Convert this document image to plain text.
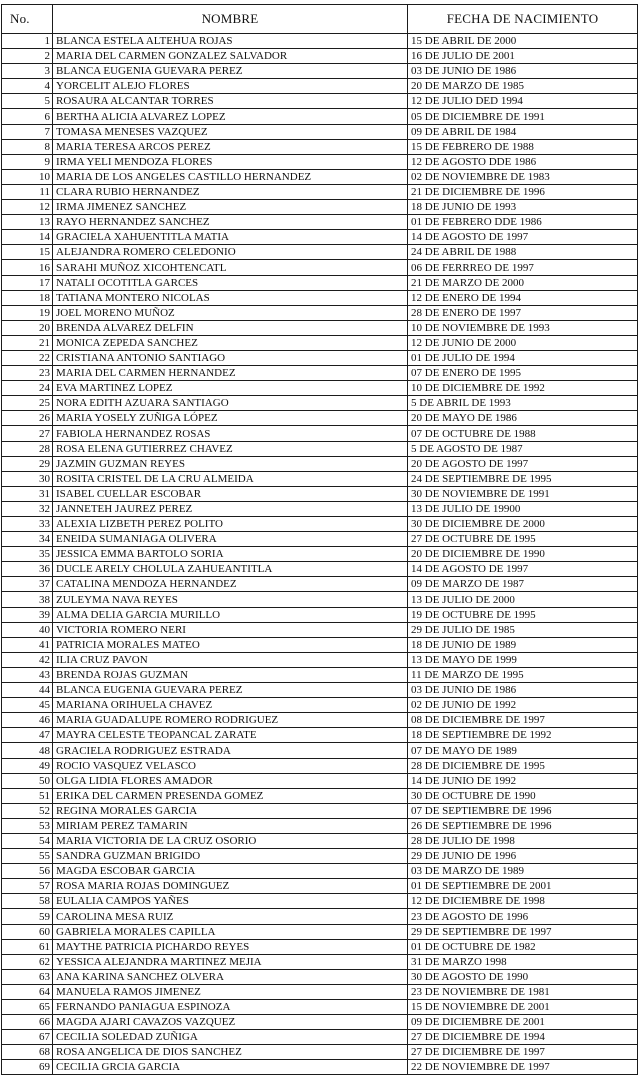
No.	NOMBRE	FECHA DE NACIMIENTO
1	BLANCA ESTELA ALTEHUA ROJAS	15 DE ABRIL DE 2000
2	MARIA DEL CARMEN GONZALEZ SALVADOR	16 DE JULIO DE 2001
3	BLANCA EUGENIA GUEVARA PEREZ	03 DE JUNIO DE 1986
4	YORCELIT ALEJO FLORES	20 DE MARZO DE 1985
5	ROSAURA ALCANTAR TORRES	12 DE JULIO DED 1994
6	BERTHA ALICIA ALVAREZ LOPEZ	05 DE DICIEMBRE DE 1991
7	TOMASA MENESES VAZQUEZ	09 DE ABRIL DE 1984
8	MARIA TERESA ARCOS PEREZ	15 DE FEBRERO DE 1988
9	IRMA YELI MENDOZA FLORES	12 DE AGOSTO DDE 1986
10	MARIA DE LOS ANGELES CASTILLO HERNANDEZ	02 DE NOVIEMBRE DE 1983
11	CLARA RUBIO HERNANDEZ	21 DE DICIEMBRE DE 1996
12	IRMA JIMENEZ SANCHEZ	18 DE JUNIO DE 1993
13	RAYO HERNANDEZ SANCHEZ	01 DE FEBRERO DDE 1986
14	GRACIELA XAHUENTITLA MATIA	14 DE AGOSTO DE 1997
15	ALEJANDRA ROMERO CELEDONIO	24 DE ABRIL DE 1988
16	SARAHI MUÑOZ XICOHTENCATL	06 DE FERRREO DE 1997
17	NATALI OCOTITLA GARCES	21 DE MARZO DE 2000
18	TATIANA MONTERO NICOLAS	12 DE ENERO DE 1994
19	JOEL MORENO MUÑOZ	28 DE ENERO DE 1997
20	BRENDA ALVAREZ DELFIN	10 DE NOVIEMBRE DE 1993
21	MONICA ZEPEDA SANCHEZ	12 DE JUNIO DE 2000
22	CRISTIANA ANTONIO SANTIAGO	01 DE JULIO DE 1994
23	MARIA DEL CARMEN HERNANDEZ	07 DE ENERO DE 1995
24	EVA MARTINEZ LOPEZ	10 DE DICIEMBRE DE 1992
25	NORA EDITH AZUARA SANTIAGO	5 DE ABRIL DE 1993
26	MARIA YOSELY ZUÑIGA LÓPEZ	20 DE MAYO DE 1986
27	FABIOLA HERNANDEZ ROSAS	07 DE OCTUBRE DE 1988
28	ROSA ELENA GUTIERREZ CHAVEZ	5 DE AGOSTO DE 1987
29	JAZMIN GUZMAN REYES	20 DE AGOSTO DE 1997
30	ROSITA CRISTEL DE LA CRU ALMEIDA	24 DE SEPTIEMBRE DE 1995
31	ISABEL CUELLAR ESCOBAR	30 DE NOVIEMBRE DE 1991
32	JANNETEH JAUREZ PEREZ	13 DE JULIO DE 19900
33	ALEXIA LIZBETH PEREZ POLITO	30 DE DICIEMBRE DE 2000
34	ENEIDA SUMANIAGA OLIVERA	27 DE OCTUBRE DE 1995
35	JESSICA EMMA BARTOLO SORIA	20 DE DICIEMBRE DE 1990
36	DUCLE ARELY CHOLULA ZAHUEANTITLA	14 DE AGOSTO DE 1997
37	CATALINA MENDOZA HERNANDEZ	09 DE MARZO DE 1987
38	ZULEYMA NAVA REYES	13 DE JULIO DE 2000
39	ALMA DELIA GARCIA MURILLO	19 DE OCTUBRE DE 1995
40	VICTORIA ROMERO NERI	29 DE JULIO DE 1985
41	PATRICIA MORALES MATEO	18 DE JUNIO DE 1989
42	ILIA CRUZ PAVON	13 DE MAYO DE 1999
43	BRENDA ROJAS GUZMAN	11 DE MARZO DE 1995
44	BLANCA EUGENIA GUEVARA PEREZ	03 DE JUNIO DE 1986
45	MARIANA ORIHUELA CHAVEZ	02 DE JUNIO DE 1992
46	MARIA GUADALUPE ROMERO RODRIGUEZ	08 DE DICIEMBRE DE 1997
47	MAYRA CELESTE TEOPANCAL ZARATE	18 DE SEPTIEMBRE DE 1992
48	GRACIELA RODRIGUEZ ESTRADA	07 DE MAYO DE 1989
49	ROCIO VASQUEZ VELASCO	28 DE DICIEMBRE DE 1995
50	OLGA LIDIA FLORES AMADOR	14 DE JUNIO DE 1992
51	ERIKA DEL CARMEN PRESENDA GOMEZ	30 DE OCTUBRE DE 1990
52	REGINA MORALES GARCIA	07 DE SEPTIEMBRE DE 1996
53	MIRIAM PEREZ TAMARIN	26 DE SEPTIEMBRE DE 1996
54	MARIA VICTORIA DE LA CRUZ OSORIO	28 DE JULIO DE 1998
55	SANDRA GUZMAN BRIGIDO	29 DE JUNIO DE 1996
56	MAGDA ESCOBAR GARCIA	03 DE MARZO DE 1989
57	ROSA MARIA ROJAS DOMINGUEZ	01 DE SEPTIEMBRE DE 2001
58	EULALIA CAMPOS YAÑES	12 DE DICIEMBRE DE 1998
59	CAROLINA MESA RUIZ	23 DE AGOSTO DE 1996
60	GABRIELA MORALES CAPILLA	29 DE SEPTIEMBRE DE 1997
61	MAYTHE PATRICIA PICHARDO REYES	01 DE OCTUBRE DE 1982
62	YESSICA ALEJANDRA MARTINEZ MEJIA	31 DE MARZO 1998
63	ANA KARINA SANCHEZ OLVERA	30 DE AGOSTO DE 1990
64	MANUELA RAMOS JIMENEZ	23 DE NOVIEMBRE DE 1981
65	FERNANDO PANIAGUA ESPINOZA	15 DE NOVIEMBRE DE 2001
66	MAGDA AJARI CAVAZOS VAZQUEZ	09 DE DICIEMBRE DE 2001
67	CECILIA SOLEDAD ZUÑIGA	27 DE DICIEMBRE DE 1994
68	ROSA ANGELICA DE DIOS SANCHEZ	27 DE DICIEMBRE DE 1997
69	CECILIA GRCIA GARCIA	22 DE NOVIEMBRE DE 1997
